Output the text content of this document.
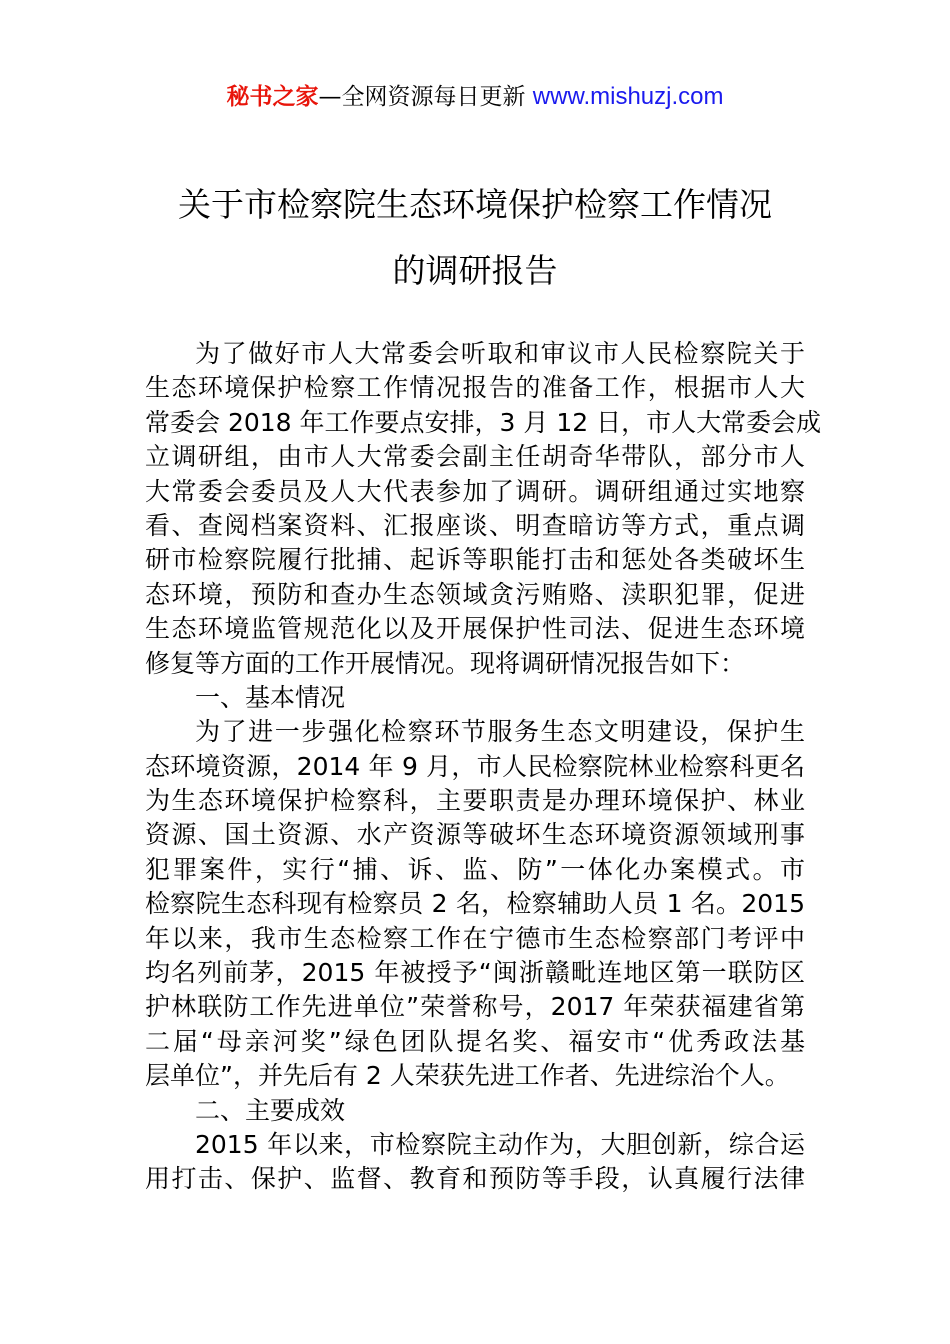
秘书之家—全网资源每日更新 www.mishuzj.com
关于市检察院生态环境保护检察工作情况
的调研报告
为了做好市人大常委会听取和审议市人民检察院关于
生态环境保护检察工作情况报告的准备工作，根据市人大
常委会 2018 年工作要点安排，3 月 12 日，市人大常委会成
立调研组，由市人大常委会副主任胡奇华带队，部分市人
大常委会委员及人大代表参加了调研。调研组通过实地察
看、查阅档案资料、汇报座谈、明查暗访等方式，重点调
研市检察院履行批捕、起诉等职能打击和惩处各类破坏生
态环境，预防和查办生态领域贪污贿赂、渎职犯罪，促进
生态环境监管规范化以及开展保护性司法、促进生态环境
修复等方面的工作开展情况。现将调研情况报告如下：
一、基本情况
为了进一步强化检察环节服务生态文明建设，保护生
态环境资源，2014 年 9 月，市人民检察院林业检察科更名
为生态环境保护检察科，主要职责是办理环境保护、林业
资源、国土资源、水产资源等破坏生态环境资源领域刑事
犯罪案件，实行“捕、诉、监、防”一体化办案模式。市
检察院生态科现有检察员 2 名，检察辅助人员 1 名。2015
年以来，我市生态检察工作在宁德市生态检察部门考评中
均名列前茅，2015 年被授予“闽浙赣毗连地区第一联防区
护林联防工作先进单位”荣誉称号，2017 年荣获福建省第
二届“母亲河奖”绿色团队提名奖、福安市“优秀政法基
层单位”，并先后有 2 人荣获先进工作者、先进综治个人。
二、主要成效
2015 年以来，市检察院主动作为，大胆创新，综合运
用打击、保护、监督、教育和预防等手段，认真履行法律
